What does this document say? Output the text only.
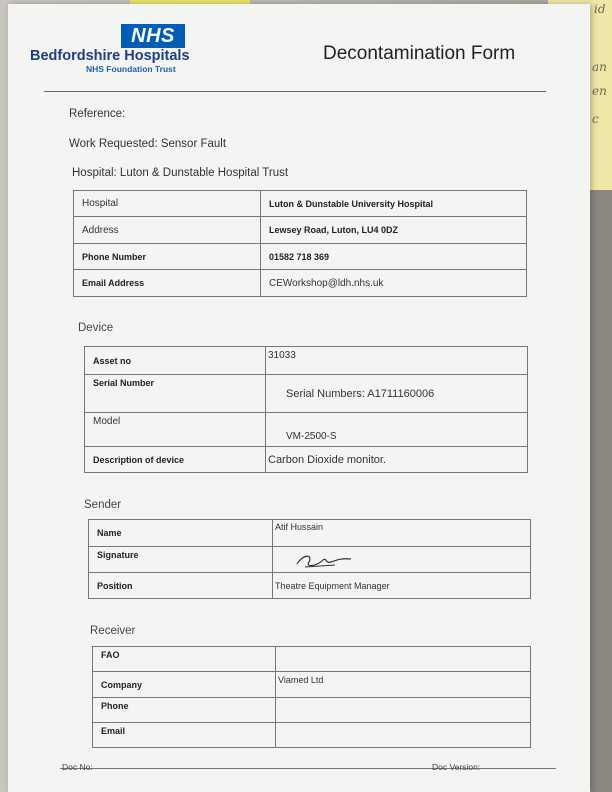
id
an
en
c
NHS
Bedfordshire Hospitals
NHS Foundation Trust
Decontamination Form
Reference:
Work Requested: Sensor Fault
Hospital: Luton & Dunstable Hospital Trust
Hospital	Luton & Dunstable University Hospital
Address	Lewsey Road, Luton, LU4 0DZ
Phone Number	01582 718 369
Email Address	CEWorkshop@ldh.nhs.uk
Device
Asset no	31033
Serial Number	Serial Numbers: A1711160006
Model	VM-2500-S
Description of device	Carbon Dioxide monitor.
Sender
Name	Atif Hussain
Signature	
Position	Theatre Equipment Manager
Receiver
FAO	
Company	Viamed Ltd
Phone	
Email	
Doc No:	Doc Version:
